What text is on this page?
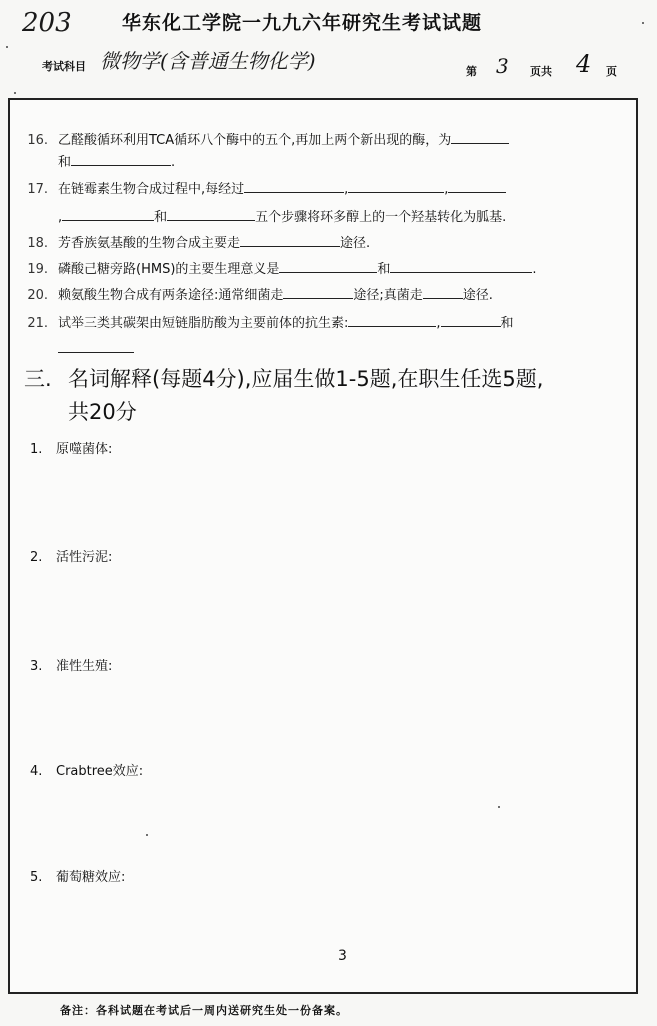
203	华东化工学院一九九六年研究生考试试题
考试科目 微物学(含普通生物化学)	第 3 页共 4 页
16. 乙醛酸循环利用TCA循环八个酶中的五个,再加上两个新出现的酶，为
和	.
17. 在链霉素生物合成过程中,每经过	,	,
,	和	五个步骤将环多醇上的一个羟基转化为胍基.
18. 芳香族氨基酸的生物合成主要走	途径.
19. 磷酸己糖旁路(HMS)的主要生理意义是	和	.
20. 赖氨酸生物合成有两条途径:通常细菌走	途径;真菌走	途径.
21. 试举三类其碳架由短链脂肪酸为主要前体的抗生素:	,	和
三. 名词解释(每题4分),应届生做1-5题,在职生任选5题,
共20分
1. 原噬菌体:
2. 活性污泥:
3. 准性生殖:
4. Crabtree效应:
5. 葡萄糖效应:
3
备注：各科试题在考试后一周内送研究生处一份备案。
